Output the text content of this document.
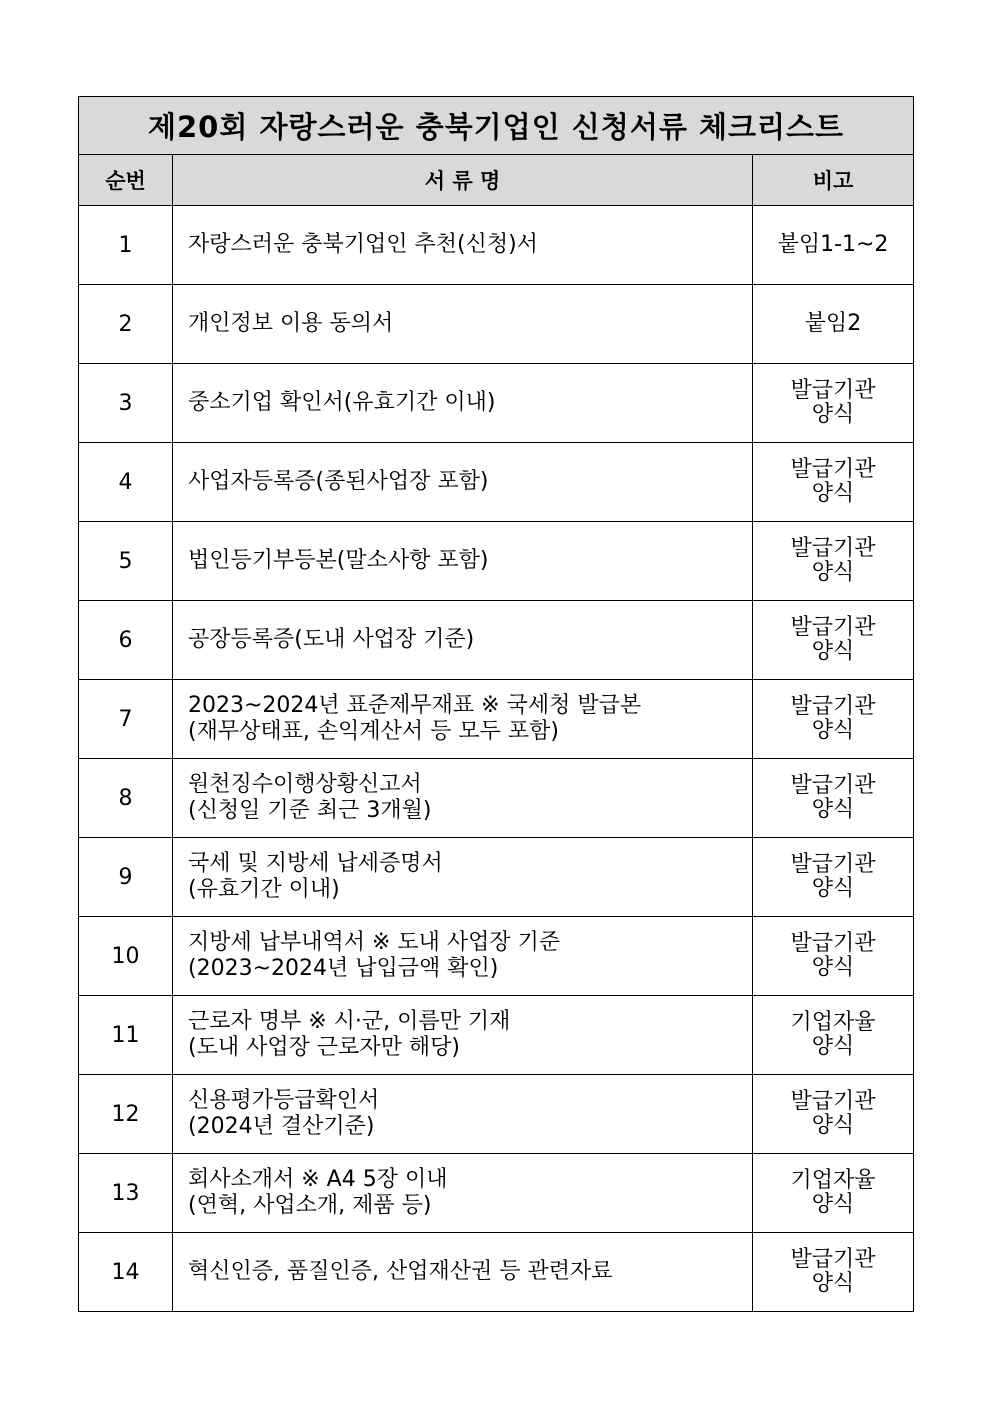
제20회 자랑스러운 충북기업인 신청서류 체크리스트		
순번	서 류 명	비고
1	자랑스러운 충북기업인 추천(신청)서	붙임1-1~2

2	개인정보 이용 동의서	붙임2

3	중소기업 확인서(유효기간 이내)	발급기관
양식

4	사업자등록증(종된사업장 포함)	발급기관
양식

5	법인등기부등본(말소사항 포함)	발급기관
양식

6	공장등록증(도내 사업장 기준)	발급기관
양식

7	2023~2024년 표준제무재표 ※ 국세청 발급본
(재무상태표, 손익계산서 등 모두 포함)	발급기관
양식

8	원천징수이행상황신고서
(신청일 기준 최근 3개월)	발급기관
양식

9	국세 및 지방세 납세증명서
(유효기간 이내)	발급기관
양식

10	지방세 납부내역서 ※ 도내 사업장 기준
(2023~2024년 납입금액 확인)	발급기관
양식

11	근로자 명부 ※ 시·군, 이름만 기재
(도내 사업장 근로자만 해당)	기업자율
양식

12	신용평가등급확인서
(2024년 결산기준)	발급기관
양식

13	회사소개서 ※ A4 5장 이내
(연혁, 사업소개, 제품 등)	기업자율
양식

14	혁신인증, 품질인증, 산업재산권 등 관련자료	발급기관
양식
